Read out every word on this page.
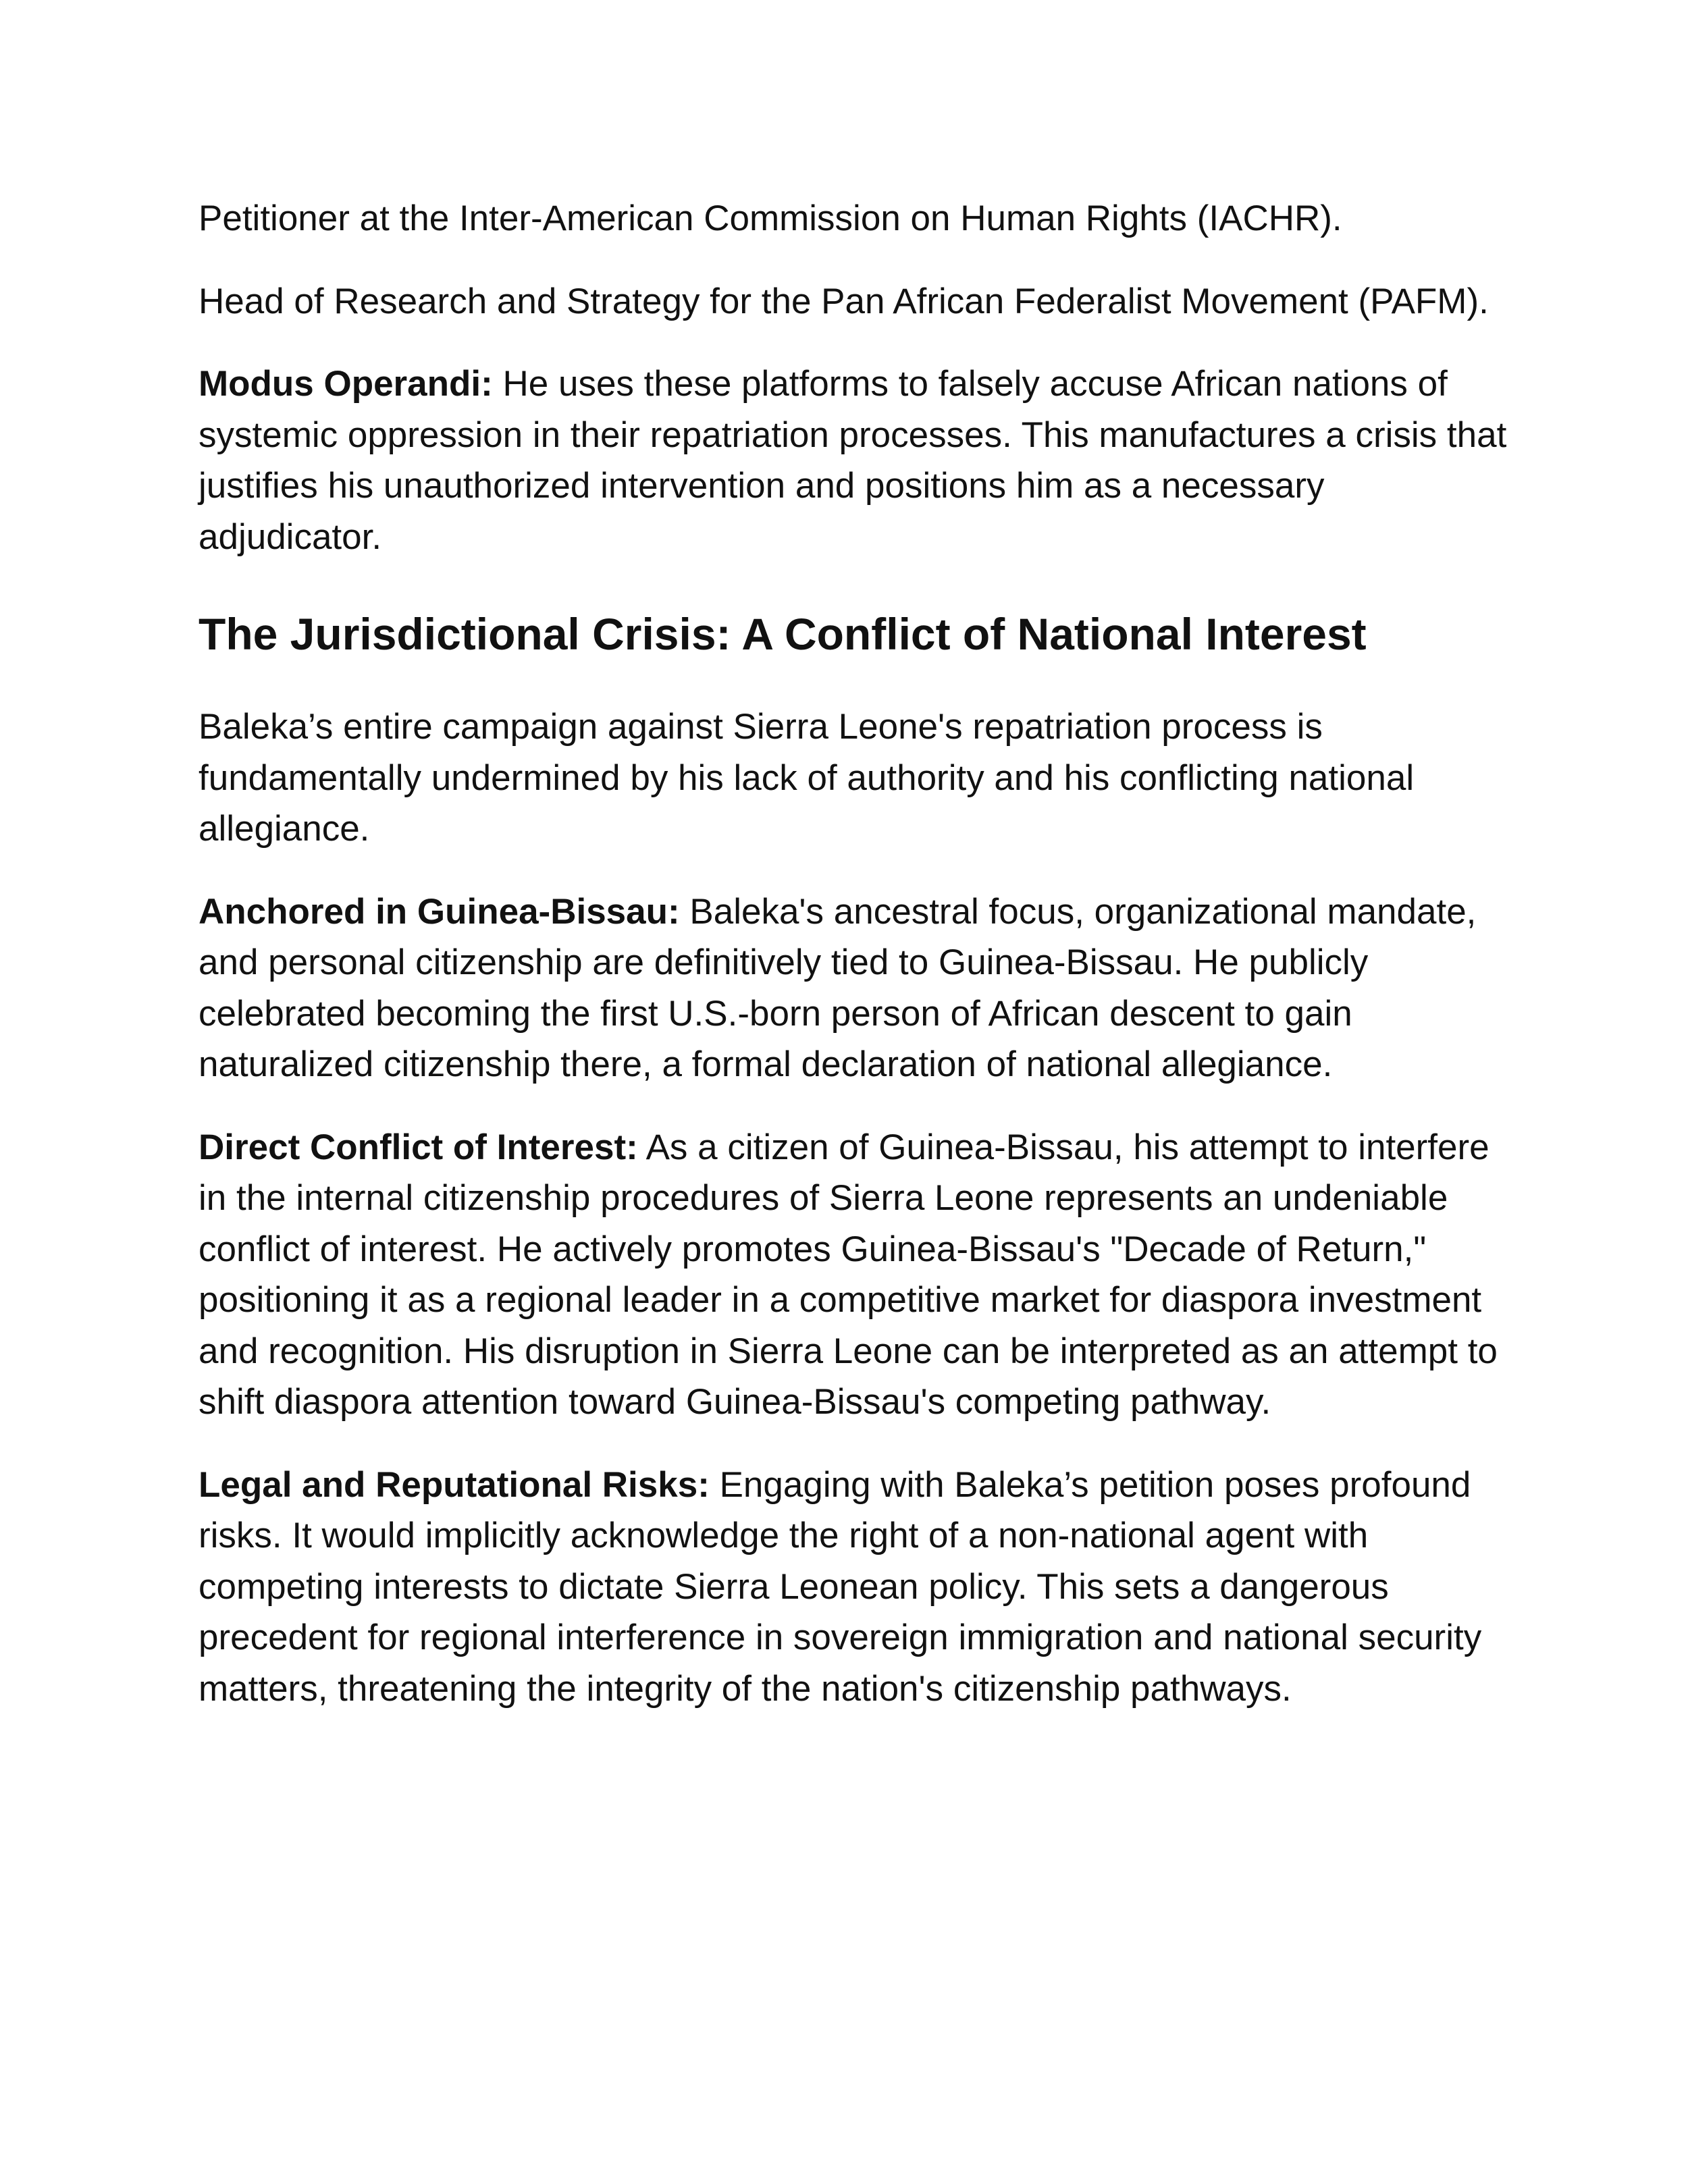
Petitioner at the Inter-American Commission on Human Rights (IACHR).

Head of Research and Strategy for the Pan African Federalist Movement (PAFM).

Modus Operandi: He uses these platforms to falsely accuse African nations of systemic oppression in their repatriation processes. This manufactures a crisis that justifies his unauthorized intervention and positions him as a necessary adjudicator.

The Jurisdictional Crisis: A Conflict of National Interest

Baleka’s entire campaign against Sierra Leone's repatriation process is fundamentally undermined by his lack of authority and his conflicting national allegiance.

Anchored in Guinea-Bissau: Baleka's ancestral focus, organizational mandate, and personal citizenship are definitively tied to Guinea-Bissau. He publicly celebrated becoming the first U.S.-born person of African descent to gain naturalized citizenship there, a formal declaration of national allegiance.

Direct Conflict of Interest: As a citizen of Guinea-Bissau, his attempt to interfere in the internal citizenship procedures of Sierra Leone represents an undeniable conflict of interest. He actively promotes Guinea-Bissau's "Decade of Return," positioning it as a regional leader in a competitive market for diaspora investment and recognition. His disruption in Sierra Leone can be interpreted as an attempt to shift diaspora attention toward Guinea-Bissau's competing pathway.

Legal and Reputational Risks: Engaging with Baleka’s petition poses profound risks. It would implicitly acknowledge the right of a non-national agent with competing interests to dictate Sierra Leonean policy. This sets a dangerous precedent for regional interference in sovereign immigration and national security matters, threatening the integrity of the nation's citizenship pathways.
